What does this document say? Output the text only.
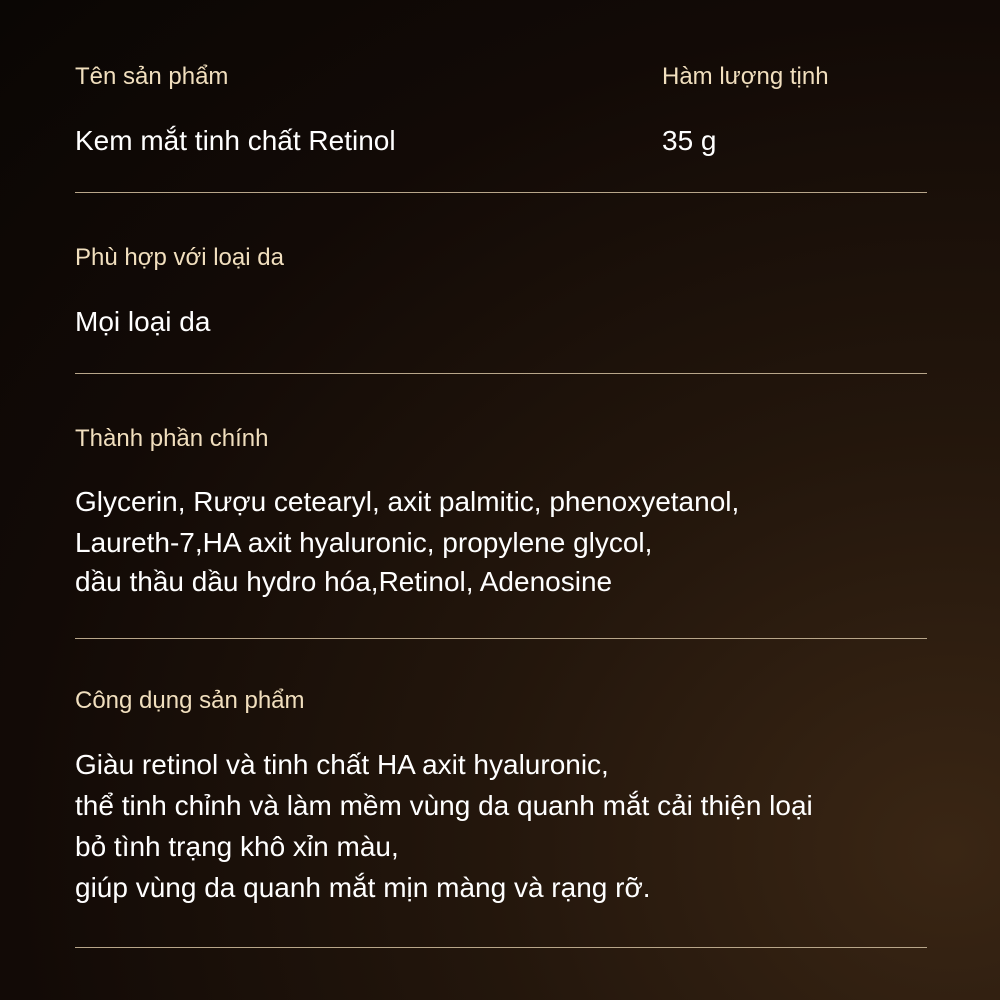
Tên sản phẩm	Hàm lượng tịnh
Kem mắt tinh chất Retinol	35 g
Phù hợp với loại da
Mọi loại da
Thành phần chính
Glycerin, Rượu cetearyl, axit palmitic, phenoxyetanol,
Laureth-7,HA axit hyaluronic, propylene glycol,
dầu thầu dầu hydro hóa,Retinol, Adenosine
Công dụng sản phẩm
Giàu retinol và tinh chất HA axit hyaluronic,
thể tinh chỉnh và làm mềm vùng da quanh mắt cải thiện loại
bỏ tình trạng khô xỉn màu,
giúp vùng da quanh mắt mịn màng và rạng rỡ.
